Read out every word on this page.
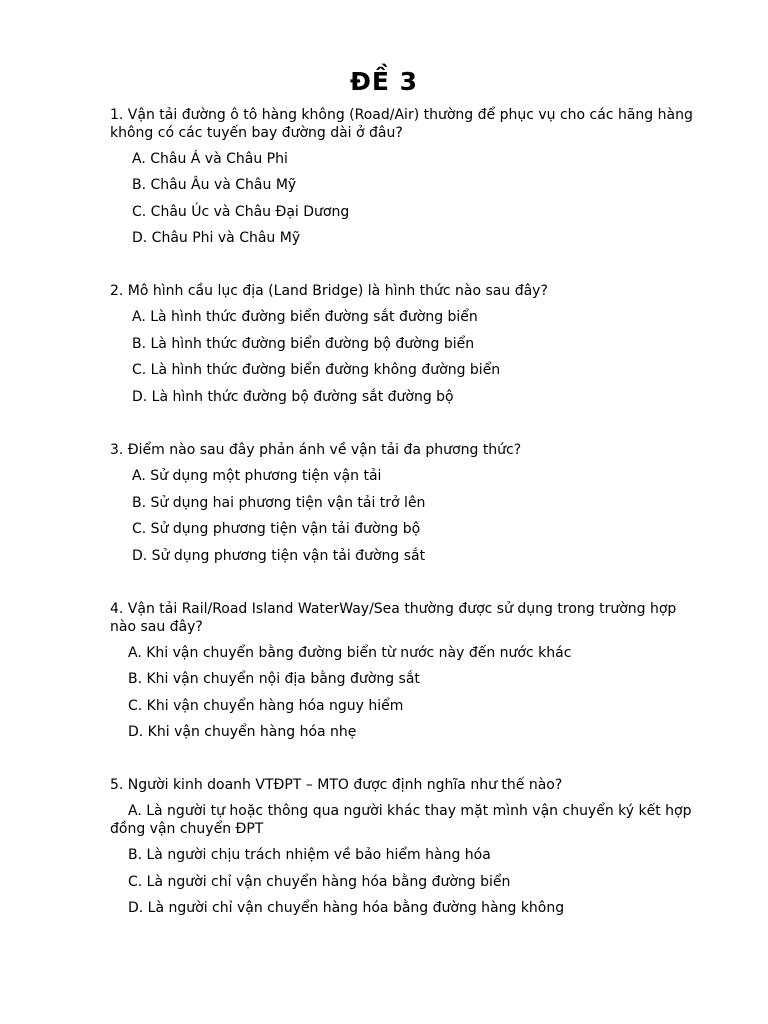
ĐỀ 3
1. Vận tải đường ô tô hàng không (Road/Air) thường để phục vụ cho các hãng hàng không có các tuyến bay đường dài ở đâu?
A. Châu Á và Châu Phi
B. Châu Âu và Châu Mỹ
C. Châu Úc và Châu Đại Dương
D. Châu Phi và Châu Mỹ
2. Mô hình cầu lục địa (Land Bridge) là hình thức nào sau đây?
A. Là hình thức đường biển đường sắt đường biển
B. Là hình thức đường biển đường bộ đường biển
C. Là hình thức đường biển đường không đường biển
D. Là hình thức đường bộ đường sắt đường bộ
3. Điểm nào sau đây phản ánh về vận tải đa phương thức?
A. Sử dụng một phương tiện vận tải
B. Sử dụng hai phương tiện vận tải trở lên
C. Sử dụng phương tiện vận tải đường bộ
D. Sử dụng phương tiện vận tải đường sắt
4. Vận tải Rail/Road Island WaterWay/Sea thường được sử dụng trong trường hợp nào sau đây?
A. Khi vận chuyển bằng đường biển từ nước này đến nước khác
B. Khi vận chuyển nội địa bằng đường sắt
C. Khi vận chuyển hàng hóa nguy hiểm
D. Khi vận chuyển hàng hóa nhẹ
5. Người kinh doanh VTĐPT – MTO được định nghĩa như thế nào?
A. Là người tự hoặc thông qua người khác thay mặt mình vận chuyển ký kết hợp đồng vận chuyển ĐPT
B. Là người chịu trách nhiệm về bảo hiểm hàng hóa
C. Là người chỉ vận chuyển hàng hóa bằng đường biển
D. Là người chỉ vận chuyển hàng hóa bằng đường hàng không
